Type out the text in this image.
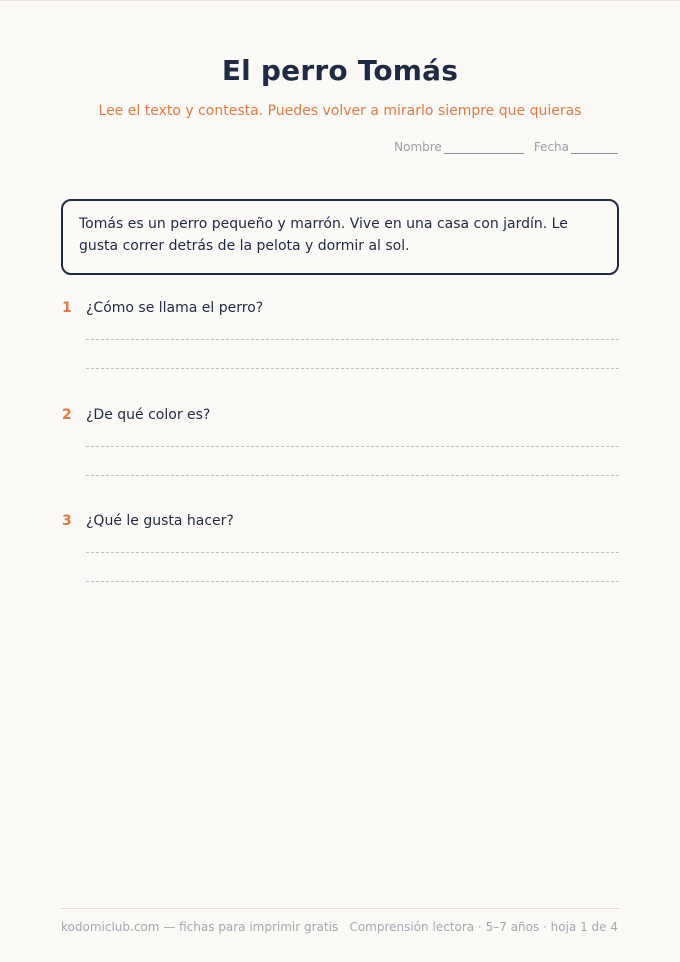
El perro Tomás
Lee el texto y contesta. Puedes volver a mirarlo siempre que quieras
Nombre	Fecha
Tomás es un perro pequeño y marrón. Vive en una casa con jardín. Le gusta correr detrás de la pelota y dormir al sol.
1	¿Cómo se llama el perro?
2	¿De qué color es?
3	¿Qué le gusta hacer?
kodomiclub.com — fichas para imprimir gratis Comprensión lectora · 5–7 años · hoja 1 de 4
